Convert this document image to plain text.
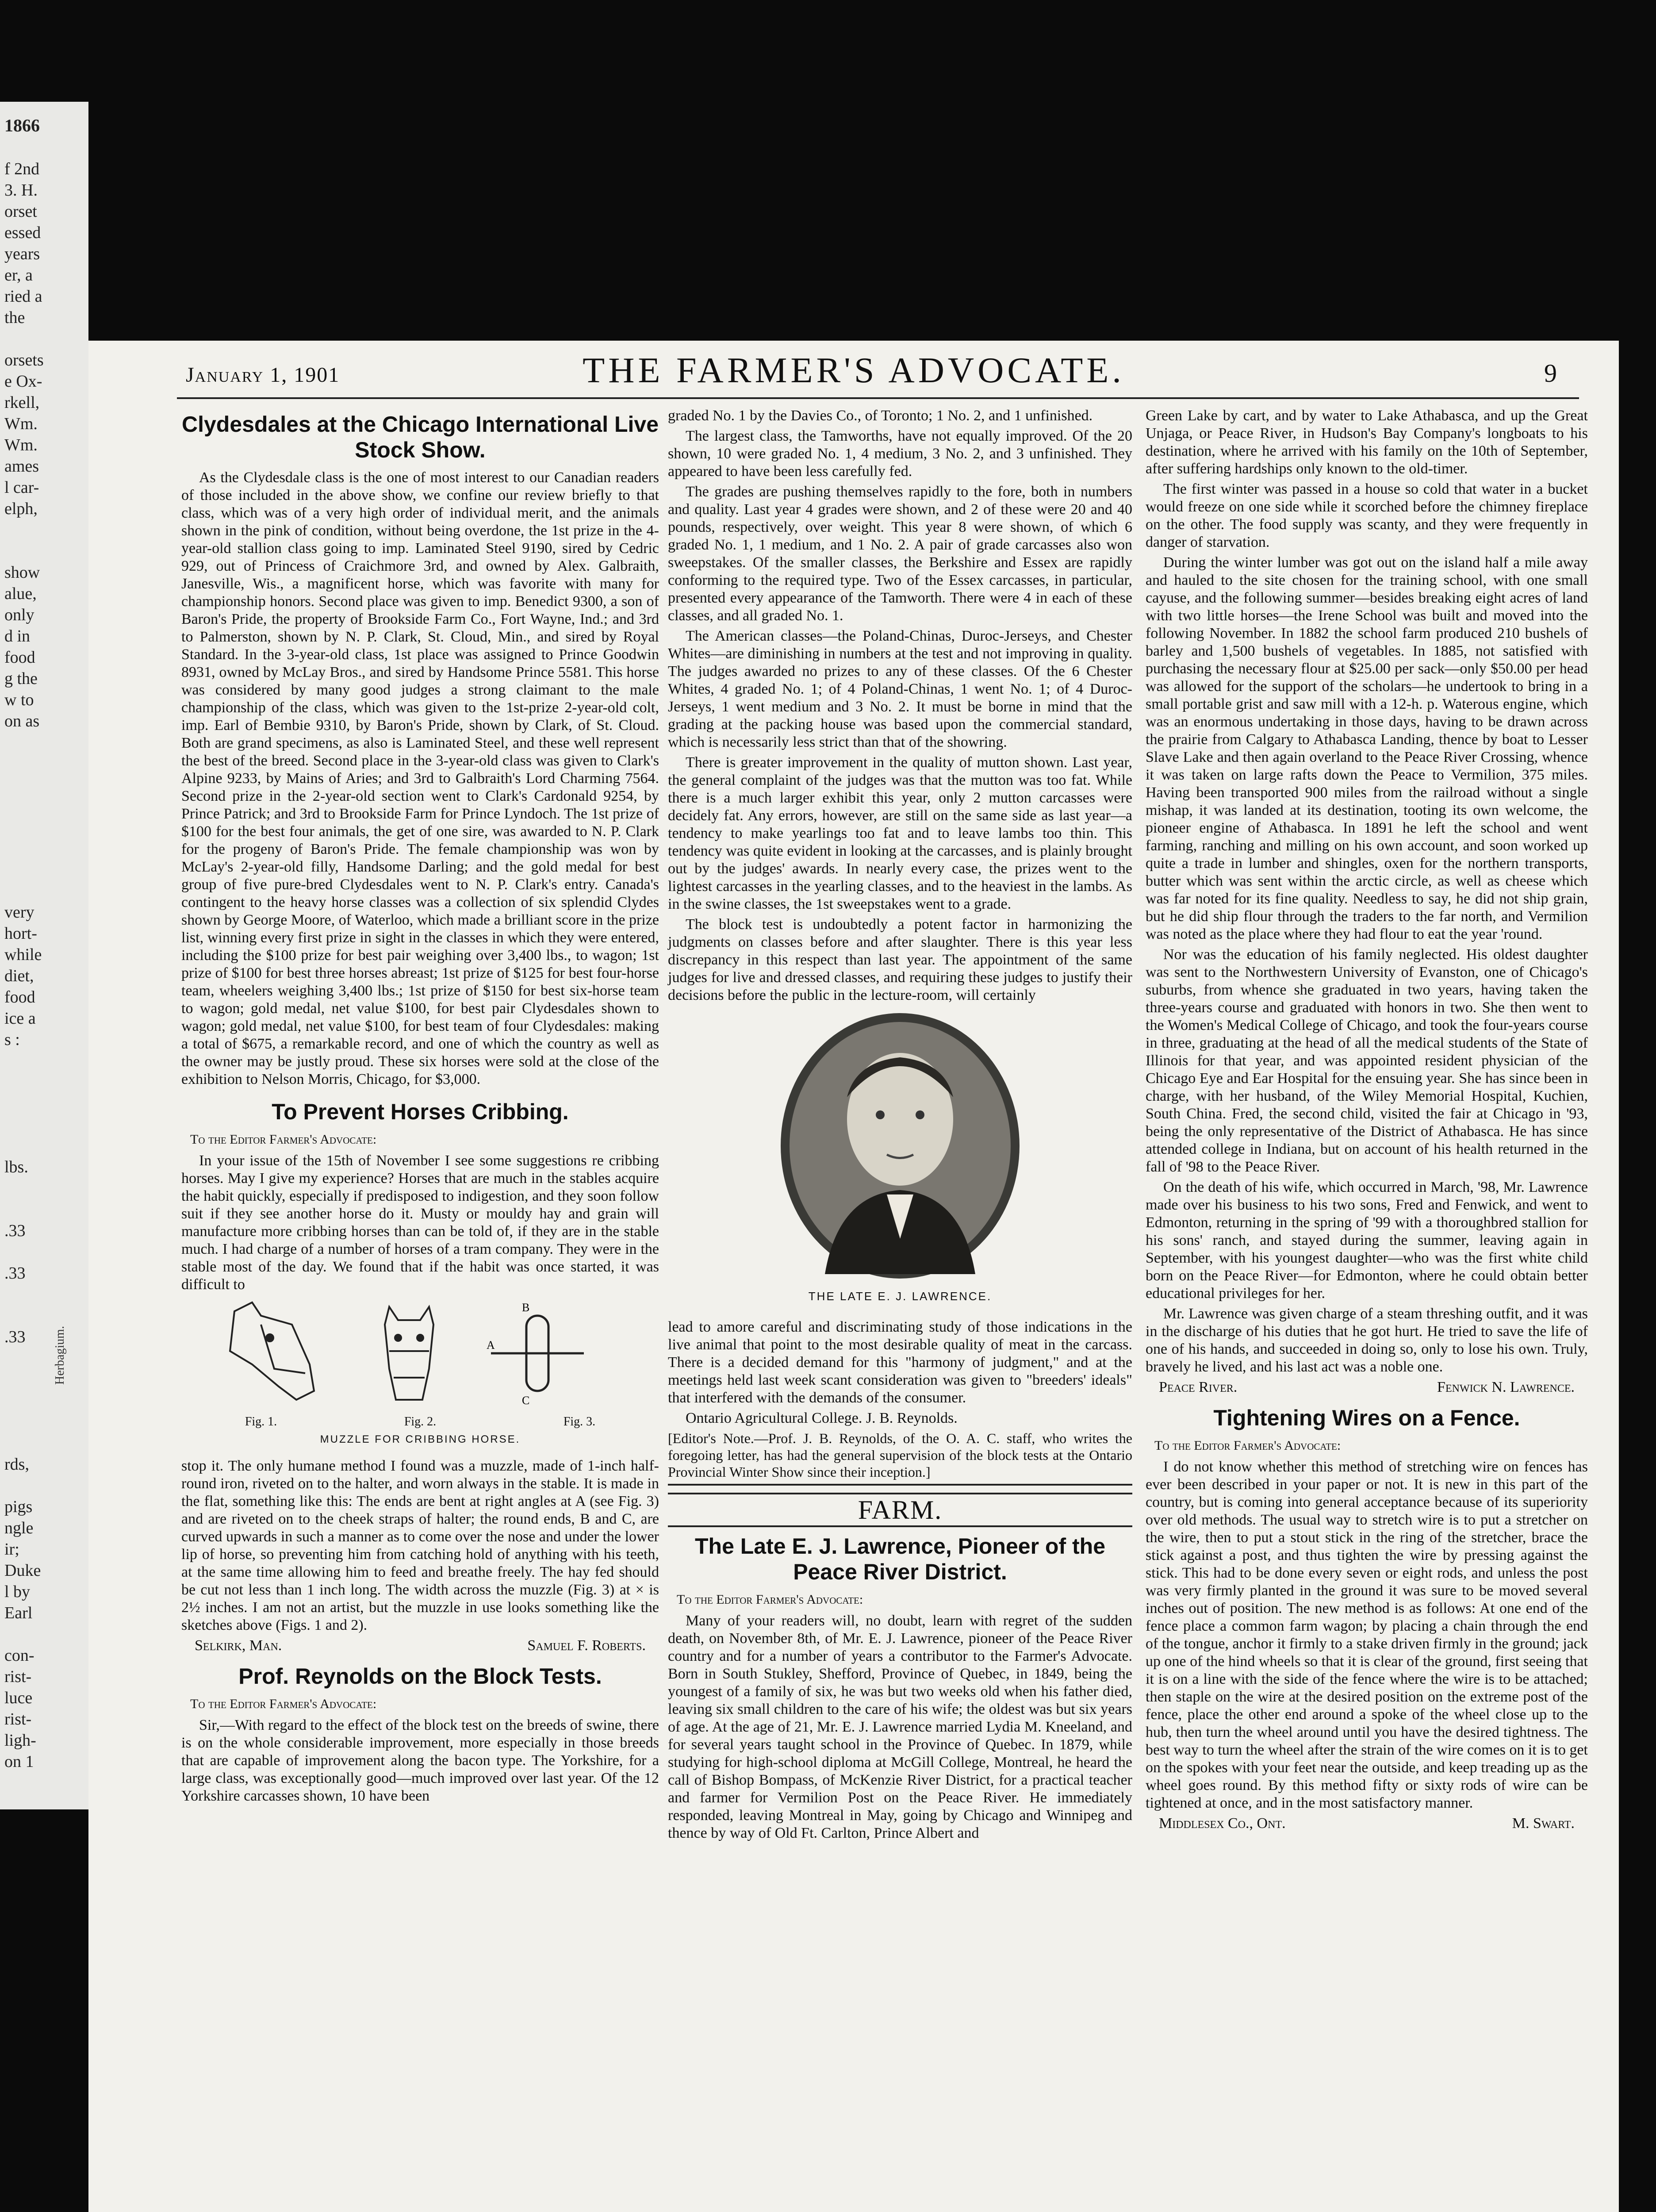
1866
f 2nd
3. H.
orset
essed
years
er, a
ried a
the

orsets
e Ox-
rkell,
Wm.
Wm.
ames
l car-
elph,

show
alue,
only
d in
food
g the
w to
on as

very
hort-
while
diet,
food
ice a
s :

lbs.

.33

.33

.33

rds,

pigs
ngle
ir;
Duke
l by
Earl

con-
rist-
luce
rist-
ligh-
on 1
Herbagium.
January 1, 1901	THE FARMER'S ADVOCATE.	9
Clydesdales at the Chicago International Live Stock Show.

As the Clydesdale class is the one of most interest to our Canadian readers of those included in the above show, we confine our review briefly to that class, which was of a very high order of individual merit, and the animals shown in the pink of condition, without being overdone, the 1st prize in the 4-year-old stallion class going to imp. Laminated Steel 9190, sired by Cedric 929, out of Princess of Craichmore 3rd, and owned by Alex. Galbraith, Janesville, Wis., a magnificent horse, which was favorite with many for championship honors. Second place was given to imp. Benedict 9300, a son of Baron's Pride, the property of Brookside Farm Co., Fort Wayne, Ind.; and 3rd to Palmerston, shown by N. P. Clark, St. Cloud, Min., and sired by Royal Standard. In the 3-year-old class, 1st place was assigned to Prince Goodwin 8931, owned by McLay Bros., and sired by Handsome Prince 5581. This horse was considered by many good judges a strong claimant to the male championship of the class, which was given to the 1st-prize 2-year-old colt, imp. Earl of Bembie 9310, by Baron's Pride, shown by Clark, of St. Cloud. Both are grand specimens, as also is Laminated Steel, and these well represent the best of the breed. Second place in the 3-year-old class was given to Clark's Alpine 9233, by Mains of Aries; and 3rd to Galbraith's Lord Charming 7564. Second prize in the 2-year-old section went to Clark's Cardonald 9254, by Prince Patrick; and 3rd to Brookside Farm for Prince Lyndoch. The 1st prize of $100 for the best four animals, the get of one sire, was awarded to N. P. Clark for the progeny of Baron's Pride. The female championship was won by McLay's 2-year-old filly, Handsome Darling; and the gold medal for best group of five pure-bred Clydesdales went to N. P. Clark's entry. Canada's contingent to the heavy horse classes was a collection of six splendid Clydes shown by George Moore, of Waterloo, which made a brilliant score in the prize list, winning every first prize in sight in the classes in which they were entered, including the $100 prize for best pair weighing over 3,400 lbs., to wagon; 1st prize of $100 for best three horses abreast; 1st prize of $125 for best four-horse team, wheelers weighing 3,400 lbs.; 1st prize of $150 for best six-horse team to wagon; gold medal, net value $100, for best pair Clydesdales shown to wagon; gold medal, net value $100, for best team of four Clydesdales: making a total of $675, a remarkable record, and one of which the country as well as the owner may be justly proud. These six horses were sold at the close of the exhibition to Nelson Morris, Chicago, for $3,000.

To Prevent Horses Cribbing.
To the Editor Farmer's Advocate:

In your issue of the 15th of November I see some suggestions re cribbing horses. May I give my experience? Horses that are much in the stables acquire the habit quickly, especially if predisposed to indigestion, and they soon follow suit if they see another horse do it. Musty or mouldy hay and grain will manufacture more cribbing horses than can be told of, if they are in the stable much. I had charge of a number of horses of a tram company. They were in the stable most of the day. We found that if the habit was once started, it was difficult to

B
A
C
Fig. 1.	Fig. 2.	Fig. 3.
MUZZLE FOR CRIBBING HORSE.

stop it. The only humane method I found was a muzzle, made of 1-inch half-round iron, riveted on to the halter, and worn always in the stable. It is made in the flat, something like this: The ends are bent at right angles at A (see Fig. 3) and are riveted on to the cheek straps of halter; the round ends, B and C, are curved upwards in such a manner as to come over the nose and under the lower lip of horse, so preventing him from catching hold of anything with his teeth, at the same time allowing him to feed and breathe freely. The hay fed should be cut not less than 1 inch long. The width across the muzzle (Fig. 3) at × is 2½ inches. I am not an artist, but the muzzle in use looks something like the sketches above (Figs. 1 and 2).

Selkirk, Man.	Samuel F. Roberts.
Prof. Reynolds on the Block Tests.
To the Editor Farmer's Advocate:

Sir,—With regard to the effect of the block test on the breeds of swine, there is on the whole considerable improvement, more especially in those breeds that are capable of improvement along the bacon type. The Yorkshire, for a large class, was exceptionally good—much improved over last year. Of the 12 Yorkshire carcasses shown, 10 have been

graded No. 1 by the Davies Co., of Toronto; 1 No. 2, and 1 unfinished.

The largest class, the Tamworths, have not equally improved. Of the 20 shown, 10 were graded No. 1, 4 medium, 3 No. 2, and 3 unfinished. They appeared to have been less carefully fed.

The grades are pushing themselves rapidly to the fore, both in numbers and quality. Last year 4 grades were shown, and 2 of these were 20 and 40 pounds, respectively, over weight. This year 8 were shown, of which 6 graded No. 1, 1 medium, and 1 No. 2. A pair of grade carcasses also won sweepstakes. Of the smaller classes, the Berkshire and Essex are rapidly conforming to the required type. Two of the Essex carcasses, in particular, presented every appearance of the Tamworth. There were 4 in each of these classes, and all graded No. 1.

The American classes—the Poland-Chinas, Duroc-Jerseys, and Chester Whites—are diminishing in numbers at the test and not improving in quality. The judges awarded no prizes to any of these classes. Of the 6 Chester Whites, 4 graded No. 1; of 4 Poland-Chinas, 1 went No. 1; of 4 Duroc-Jerseys, 1 went medium and 3 No. 2. It must be borne in mind that the grading at the packing house was based upon the commercial standard, which is necessarily less strict than that of the showring.

There is greater improvement in the quality of mutton shown. Last year, the general complaint of the judges was that the mutton was too fat. While there is a much larger exhibit this year, only 2 mutton carcasses were decidely fat. Any errors, however, are still on the same side as last year—a tendency to make yearlings too fat and to leave lambs too thin. This tendency was quite evident in looking at the carcasses, and is plainly brought out by the judges' awards. In nearly every case, the prizes went to the lightest carcasses in the yearling classes, and to the heaviest in the lambs. As in the swine classes, the 1st sweepstakes went to a grade.

The block test is undoubtedly a potent factor in harmonizing the judgments on classes before and after slaughter. There is this year less discrepancy in this respect than last year. The appointment of the same judges for live and dressed classes, and requiring these judges to justify their decisions before the public in the lecture-room, will certainly

THE LATE E. J. LAWRENCE.

lead to amore careful and discriminating study of those indications in the live animal that point to the most desirable quality of meat in the carcass. There is a decided demand for this "harmony of judgment," and at the meetings held last week scant consideration was given to "breeders' ideals" that interfered with the demands of the consumer.

Ontario Agricultural College. J. B. Reynolds.

[Editor's Note.—Prof. J. B. Reynolds, of the O. A. C. staff, who writes the foregoing letter, has had the general supervision of the block tests at the Ontario Provincial Winter Show since their inception.]
FARM.
The Late E. J. Lawrence, Pioneer of the Peace River District.
To the Editor Farmer's Advocate:

Many of your readers will, no doubt, learn with regret of the sudden death, on November 8th, of Mr. E. J. Lawrence, pioneer of the Peace River country and for a number of years a contributor to the Farmer's Advocate. Born in South Stukley, Shefford, Province of Quebec, in 1849, being the youngest of a family of six, he was but two weeks old when his father died, leaving six small children to the care of his wife; the oldest was but six years of age. At the age of 21, Mr. E. J. Lawrence married Lydia M. Kneeland, and for several years taught school in the Province of Quebec. In 1879, while studying for high-school diploma at McGill College, Montreal, he heard the call of Bishop Bompass, of McKenzie River District, for a practical teacher and farmer for Vermilion Post on the Peace River. He immediately responded, leaving Montreal in May, going by Chicago and Winnipeg and thence by way of Old Ft. Carlton, Prince Albert and

Green Lake by cart, and by water to Lake Athabasca, and up the Great Unjaga, or Peace River, in Hudson's Bay Company's longboats to his destination, where he arrived with his family on the 10th of September, after suffering hardships only known to the old-timer.

The first winter was passed in a house so cold that water in a bucket would freeze on one side while it scorched before the chimney fireplace on the other. The food supply was scanty, and they were frequently in danger of starvation.

During the winter lumber was got out on the island half a mile away and hauled to the site chosen for the training school, with one small cayuse, and the following summer—besides breaking eight acres of land with two little horses—the Irene School was built and moved into the following November. In 1882 the school farm produced 210 bushels of barley and 1,500 bushels of vegetables. In 1885, not satisfied with purchasing the necessary flour at $25.00 per sack—only $50.00 per head was allowed for the support of the scholars—he undertook to bring in a small portable grist and saw mill with a 12-h. p. Waterous engine, which was an enormous undertaking in those days, having to be drawn across the prairie from Calgary to Athabasca Landing, thence by boat to Lesser Slave Lake and then again overland to the Peace River Crossing, whence it was taken on large rafts down the Peace to Vermilion, 375 miles. Having been transported 900 miles from the railroad without a single mishap, it was landed at its destination, tooting its own welcome, the pioneer engine of Athabasca. In 1891 he left the school and went farming, ranching and milling on his own account, and soon worked up quite a trade in lumber and shingles, oxen for the northern transports, butter which was sent within the arctic circle, as well as cheese which was far noted for its fine quality. Needless to say, he did not ship grain, but he did ship flour through the traders to the far north, and Vermilion was noted as the place where they had flour to eat the year 'round.

Nor was the education of his family neglected. His oldest daughter was sent to the Northwestern University of Evanston, one of Chicago's suburbs, from whence she graduated in two years, having taken the three-years course and graduated with honors in two. She then went to the Women's Medical College of Chicago, and took the four-years course in three, graduating at the head of all the medical students of the State of Illinois for that year, and was appointed resident physician of the Chicago Eye and Ear Hospital for the ensuing year. She has since been in charge, with her husband, of the Wiley Memorial Hospital, Kuchien, South China. Fred, the second child, visited the fair at Chicago in '93, being the only representative of the District of Athabasca. He has since attended college in Indiana, but on account of his health returned in the fall of '98 to the Peace River.

On the death of his wife, which occurred in March, '98, Mr. Lawrence made over his business to his two sons, Fred and Fenwick, and went to Edmonton, returning in the spring of '99 with a thoroughbred stallion for his sons' ranch, and stayed during the summer, leaving again in September, with his youngest daughter—who was the first white child born on the Peace River—for Edmonton, where he could obtain better educational privileges for her.

Mr. Lawrence was given charge of a steam threshing outfit, and it was in the discharge of his duties that he got hurt. He tried to save the life of one of his hands, and succeeded in doing so, only to lose his own. Truly, bravely he lived, and his last act was a noble one.

Peace River.	Fenwick N. Lawrence.
Tightening Wires on a Fence.
To the Editor Farmer's Advocate:

I do not know whether this method of stretching wire on fences has ever been described in your paper or not. It is new in this part of the country, but is coming into general acceptance because of its superiority over old methods. The usual way to stretch wire is to put a stretcher on the wire, then to put a stout stick in the ring of the stretcher, brace the stick against a post, and thus tighten the wire by pressing against the stick. This had to be done every seven or eight rods, and unless the post was very firmly planted in the ground it was sure to be moved several inches out of position. The new method is as follows: At one end of the fence place a common farm wagon; by placing a chain through the end of the tongue, anchor it firmly to a stake driven firmly in the ground; jack up one of the hind wheels so that it is clear of the ground, first seeing that it is on a line with the side of the fence where the wire is to be attached; then staple on the wire at the desired position on the extreme post of the fence, place the other end around a spoke of the wheel close up to the hub, then turn the wheel around until you have the desired tightness. The best way to turn the wheel after the strain of the wire comes on it is to get on the spokes with your feet near the outside, and keep treading up as the wheel goes round. By this method fifty or sixty rods of wire can be tightened at once, and in the most satisfactory manner.

Middlesex Co., Ont.	M. Swart.
